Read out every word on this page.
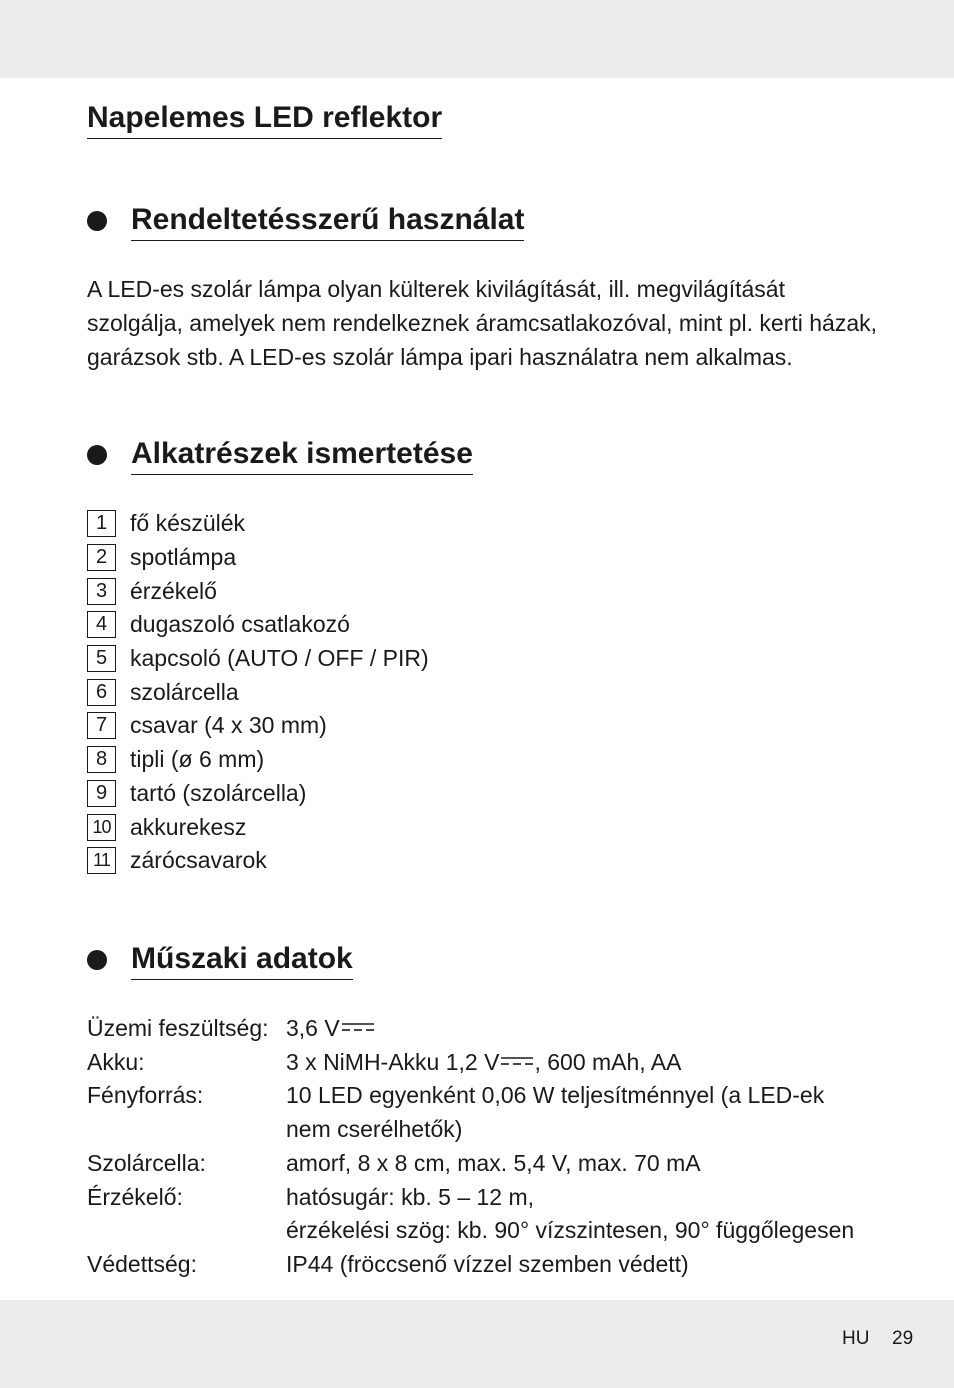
Napelemes LED reflektor
Rendeltetésszerű használat

A LED-es szolár lámpa olyan külterek kivilágítását, ill. megvilágítását szolgálja, amelyek nem rendelkeznek áramcsatlakozóval, mint pl. kerti házak, garázsok stb. A LED-es szolár lámpa ipari használatra nem alkalmas.

Alkatrészek ismertetése
1 fő készülék
2 spotlámpa
3 érzékelő
4 dugaszoló csatlakozó
5 kapcsoló (AUTO / OFF / PIR)
6 szolárcella
7 csavar (4 x 30 mm)
8 tipli (ø 6 mm)
9 tartó (szolárcella)
10 akkurekesz
11 zárócsavarok
Műszaki adatok
Üzemi feszültség: 3,6 V
Akku:	3 x NiMH-Akku 1,2 V , 600 mAh, AA
Fényforrás:	10 LED egyenként 0,06 W teljesítménnyel (a LED-ek
nem cserélhetők)
Szolárcella:	amorf, 8 x 8 cm, max. 5,4 V, max. 70 mA
Érzékelő:	hatósugár: kb. 5 – 12 m,
érzékelési szög: kb. 90° vízszintesen, 90° függőlegesen
Védettség:	IP44 (fröccsenő vízzel szemben védett)
HU 29
